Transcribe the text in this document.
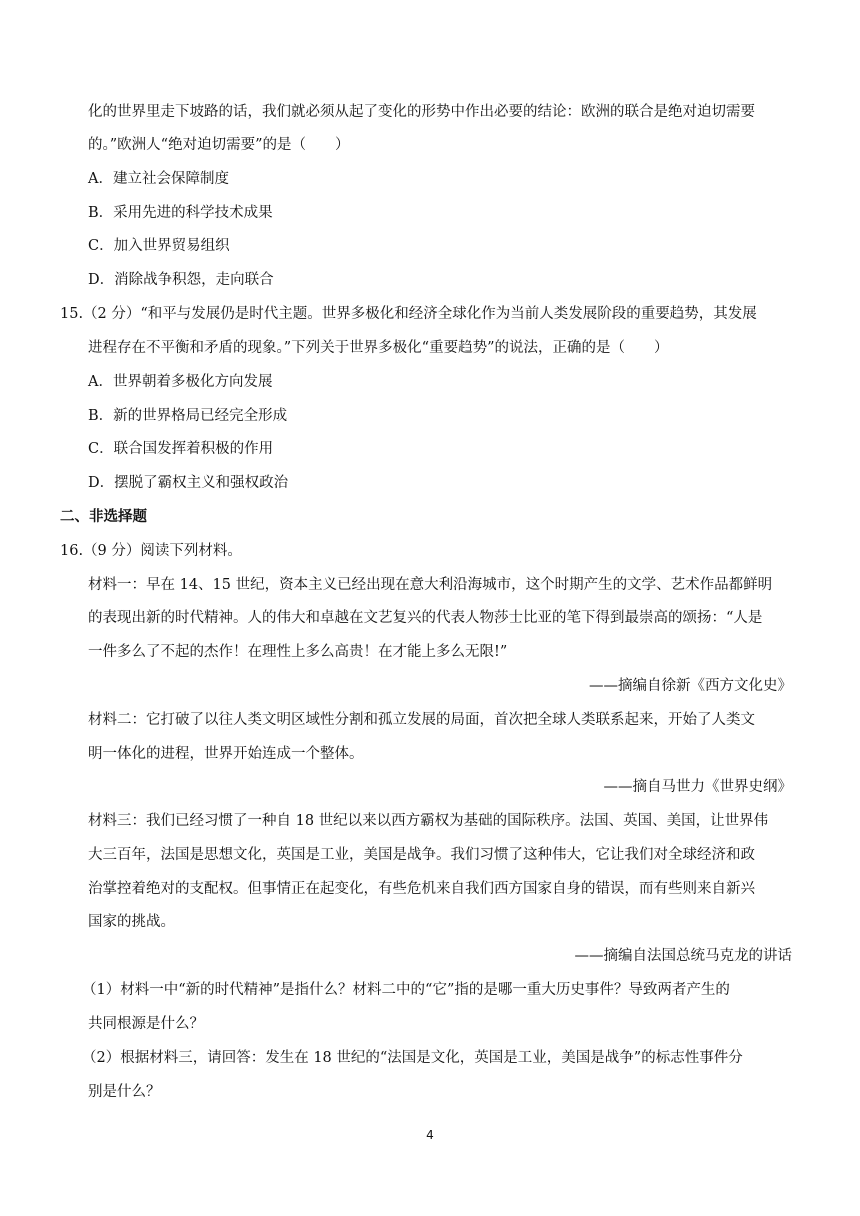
化的世界里走下坡路的话，我们就必须从起了变化的形势中作出必要的结论：欧洲的联合是绝对迫切需要
的。”欧洲人“绝对迫切需要”的是（　　）
A．建立社会保障制度
B．采用先进的科学技术成果
C．加入世界贸易组织
D．消除战争积怨，走向联合
15.（2 分）“和平与发展仍是时代主题。世界多极化和经济全球化作为当前人类发展阶段的重要趋势，其发展
进程存在不平衡和矛盾的现象。”下列关于世界多极化“重要趋势”的说法，正确的是（　　）
A．世界朝着多极化方向发展
B．新的世界格局已经完全形成
C．联合国发挥着积极的作用
D．摆脱了霸权主义和强权政治
二、非选择题
16.（9 分）阅读下列材料。
材料一：早在 14、15 世纪，资本主义已经出现在意大利沿海城市，这个时期产生的文学、艺术作品都鲜明
的表现出新的时代精神。人的伟大和卓越在文艺复兴的代表人物莎士比亚的笔下得到最崇高的颂扬：“人是
一件多么了不起的杰作！在理性上多么高贵！在才能上多么无限!”
——摘编自徐新《西方文化史》
材料二：它打破了以往人类文明区域性分割和孤立发展的局面，首次把全球人类联系起来，开始了人类文
明一体化的进程，世界开始连成一个整体。
——摘自马世力《世界史纲》
材料三：我们已经习惯了一种自 18 世纪以来以西方霸权为基础的国际秩序。法国、英国、美国，让世界伟
大三百年，法国是思想文化，英国是工业，美国是战争。我们习惯了这种伟大，它让我们对全球经济和政
治掌控着绝对的支配权。但事情正在起变化，有些危机来自我们西方国家自身的错误，而有些则来自新兴
国家的挑战。
——摘编自法国总统马克龙的讲话
（1）材料一中“新的时代精神”是指什么？材料二中的“它”指的是哪一重大历史事件？导致两者产生的
共同根源是什么？
（2）根据材料三，请回答：发生在 18 世纪的“法国是文化，英国是工业，美国是战争”的标志性事件分
别是什么？
4
